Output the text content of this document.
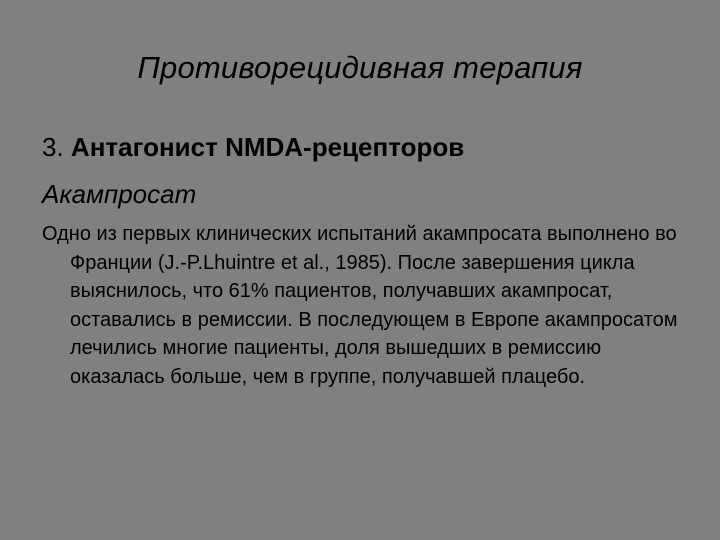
Противорецидивная терапия
3. Антагонист NMDA-рецепторов
Акампросат
Одно из первых клинических испытаний акампросата выполнено во Франции (J.-P.Lhuintre et al., 1985). После завершения цикла выяснилось, что 61% пациентов, получавших акампросат, оставались в ремиссии. В последующем в Европе акампросатом лечились многие пациенты, доля вышедших в ремиссию оказалась больше, чем в группе, получавшей плацебо.
